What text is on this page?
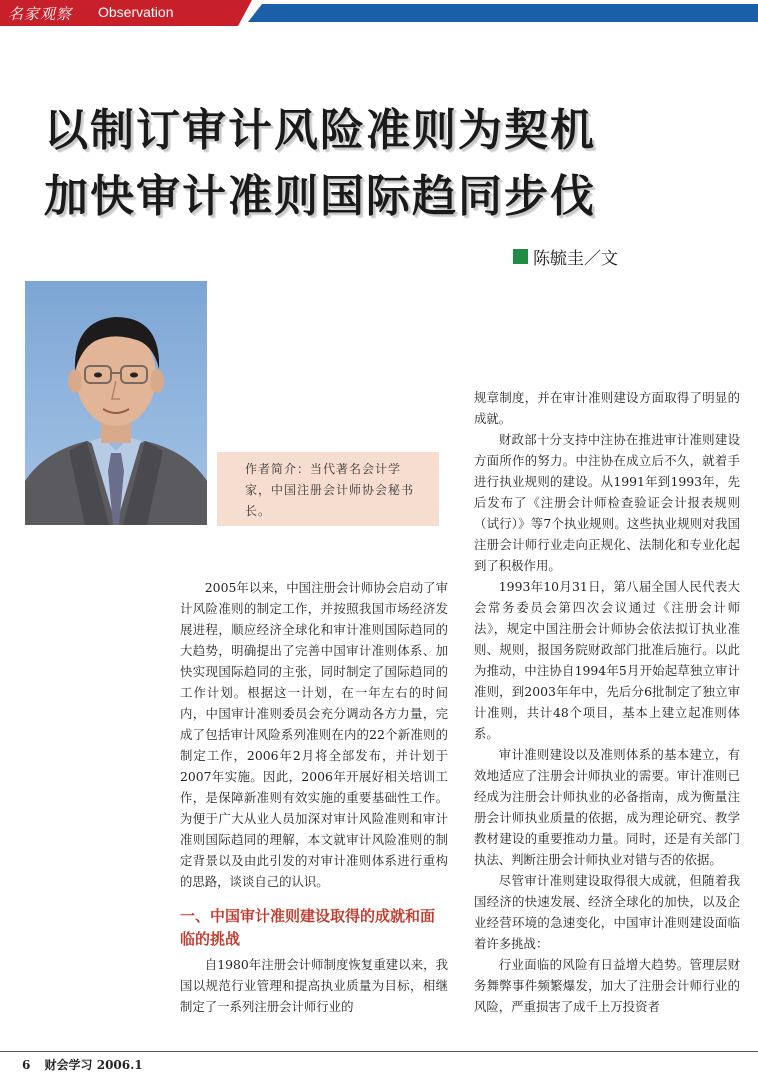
名家观察 Observation
以制订审计风险准则为契机
加快审计准则国际趋同步伐
陈毓圭／文
作者简介：当代著名会计学家，中国注册会计师协会秘书长。

2005年以来，中国注册会计师协会启动了审计风险准则的制定工作，并按照我国市场经济发展进程，顺应经济全球化和审计准则国际趋同的大趋势，明确提出了完善中国审计准则体系、加快实现国际趋同的主张，同时制定了国际趋同的工作计划。根据这一计划，在一年左右的时间内，中国审计准则委员会充分调动各方力量，完成了包括审计风险系列准则在内的22个新准则的制定工作，2006年2月将全部发布，并计划于2007年实施。因此，2006年开展好相关培训工作，是保障新准则有效实施的重要基础性工作。为便于广大从业人员加深对审计风险准则和审计准则国际趋同的理解，本文就审计风险准则的制定背景以及由此引发的对审计准则体系进行重构的思路，谈谈自己的认识。

一、中国审计准则建设取得的成就和面临的挑战

自1980年注册会计师制度恢复重建以来，我国以规范行业管理和提高执业质量为目标，相继制定了一系列注册会计师行业的

规章制度，并在审计准则建设方面取得了明显的成就。

财政部十分支持中注协在推进审计准则建设方面所作的努力。中注协在成立后不久，就着手进行执业规则的建设。从1991年到1993年，先后发布了《注册会计师检查验证会计报表规则（试行）》等7个执业规则。这些执业规则对我国注册会计师行业走向正规化、法制化和专业化起到了积极作用。

1993年10月31日，第八届全国人民代表大会常务委员会第四次会议通过《注册会计师法》，规定中国注册会计师协会依法拟订执业准则、规则，报国务院财政部门批准后施行。以此为推动，中注协自1994年5月开始起草独立审计准则，到2003年年中，先后分6批制定了独立审计准则，共计48个项目，基本上建立起准则体系。

审计准则建设以及准则体系的基本建立，有效地适应了注册会计师执业的需要。审计准则已经成为注册会计师执业的必备指南，成为衡量注册会计师执业质量的依据，成为理论研究、教学教材建设的重要推动力量。同时，还是有关部门执法、判断注册会计师执业对错与否的依据。

尽管审计准则建设取得很大成就，但随着我国经济的快速发展、经济全球化的加快，以及企业经营环境的急速变化，中国审计准则建设面临着许多挑战：

行业面临的风险有日益增大趋势。管理层财务舞弊事件频繁爆发，加大了注册会计师行业的风险，严重损害了成千上万投资者

6 财会学习 2006.1
